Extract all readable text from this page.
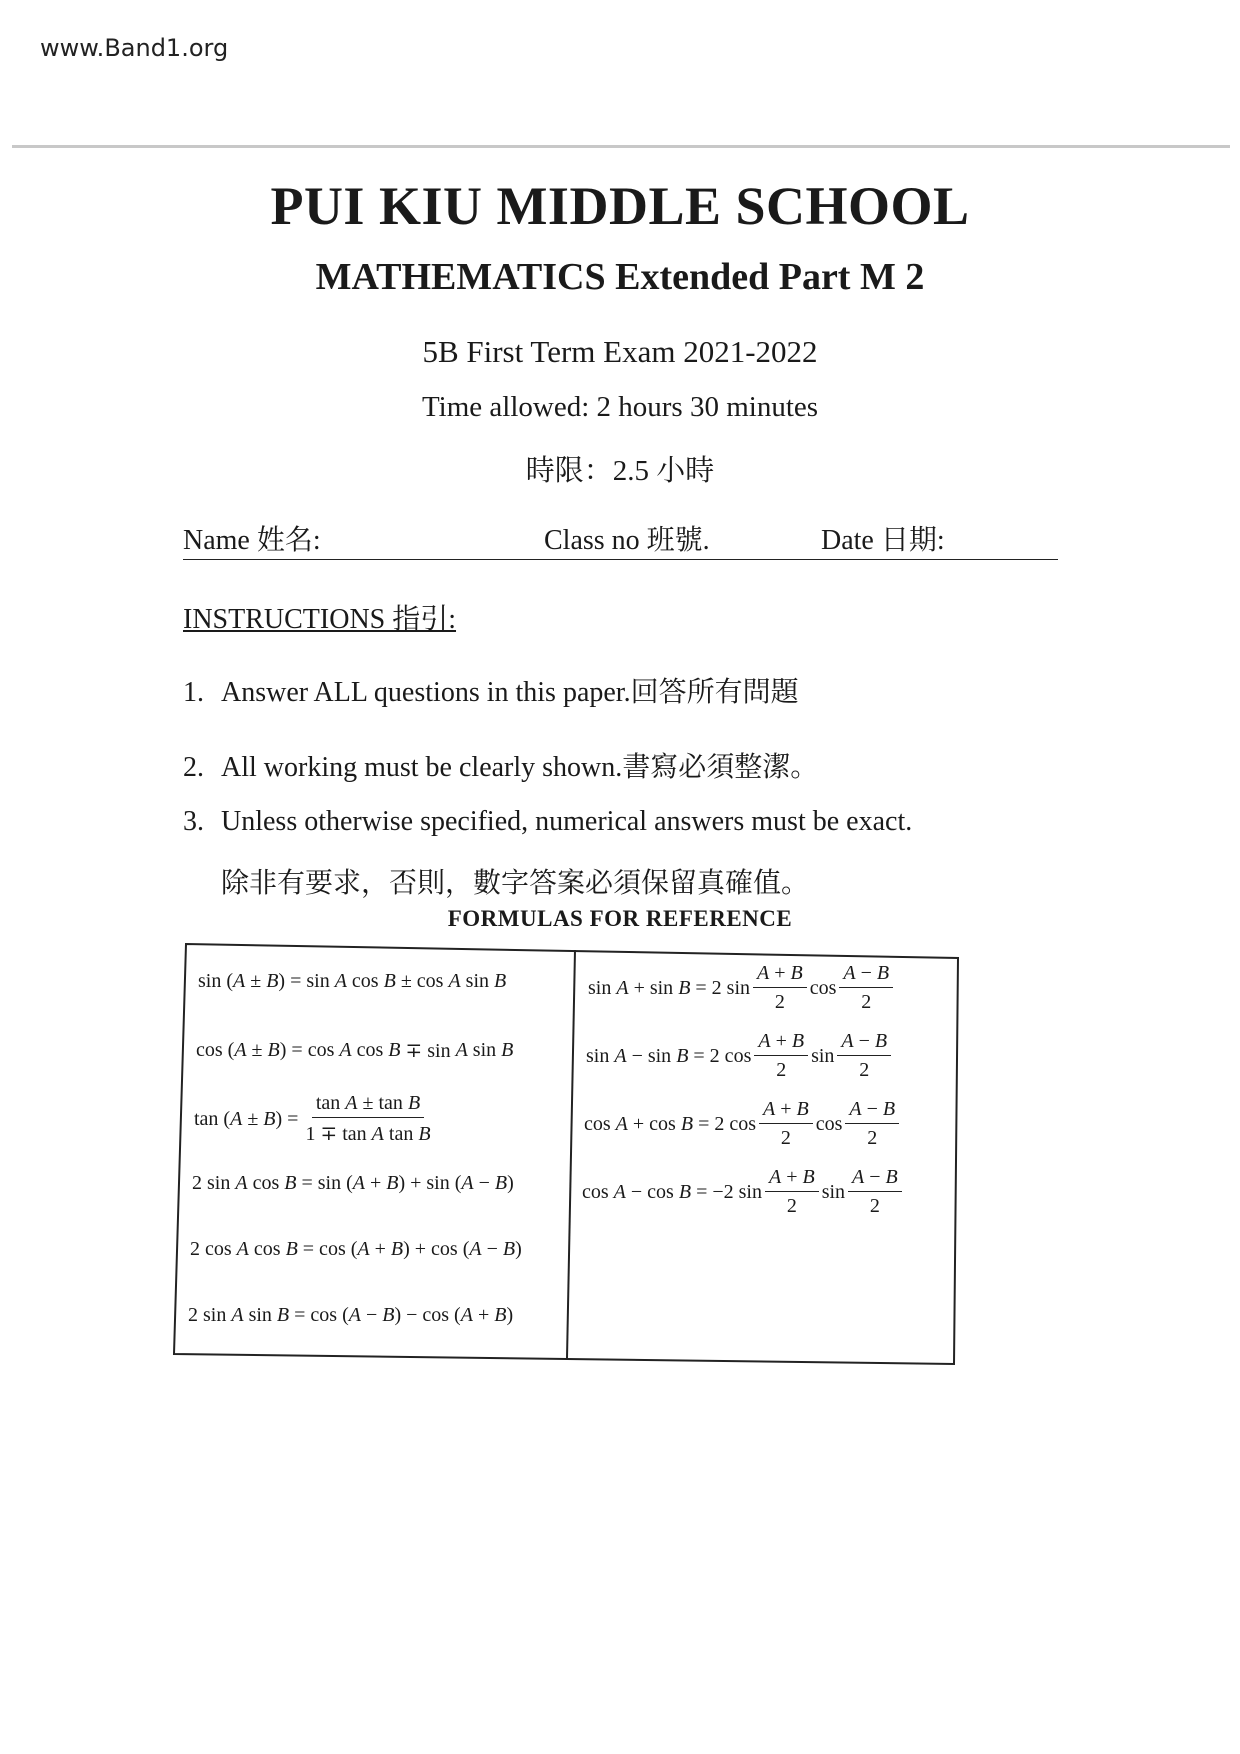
www.Band1.org
PUI KIU MIDDLE SCHOOL
MATHEMATICS Extended Part M 2
5B First Term Exam 2021-2022
Time allowed: 2 hours 30 minutes
時限：2.5 小時
Name 姓名:	Class no 班號.	Date 日期:
INSTRUCTIONS 指引:
1. Answer ALL questions in this paper.回答所有問題
2. All working must be clearly shown.書寫必須整潔。
3. Unless otherwise specified, numerical answers must be exact.
除非有要求，否則，數字答案必須保留真確值。
FORMULAS FOR REFERENCE
sin ( A ± B ) = sin A cos B ± cos A sin B
cos ( A ± B ) = cos A cos B ∓ sin A sin B
tan ( A ± B ) = $\frac{\text{tan A ± tan B}}{\text{1 ∓ tan A tan B}}$
2 sin A cos B = sin ( A + B ) + sin ( A − B )
2 cos A cos B = cos ( A + B ) + cos ( A − B )
2 sin A sin B = cos ( A − B ) − cos ( A + B )
sin A + sin B = 2 $\sin \frac{A + B}{2}$ $\cos \frac{A - B}{2}$
sin A − sin B = 2 $\cos \frac{A + B}{2}$ $\sin \frac{A - B}{2}$
cos A + cos B = 2 $\cos \frac{A + B}{2}$ $\cos \frac{A - B}{2}$
cos A − cos B = −2 $\sin \frac{A + B}{2}$ $\sin \frac{A - B}{2}$
